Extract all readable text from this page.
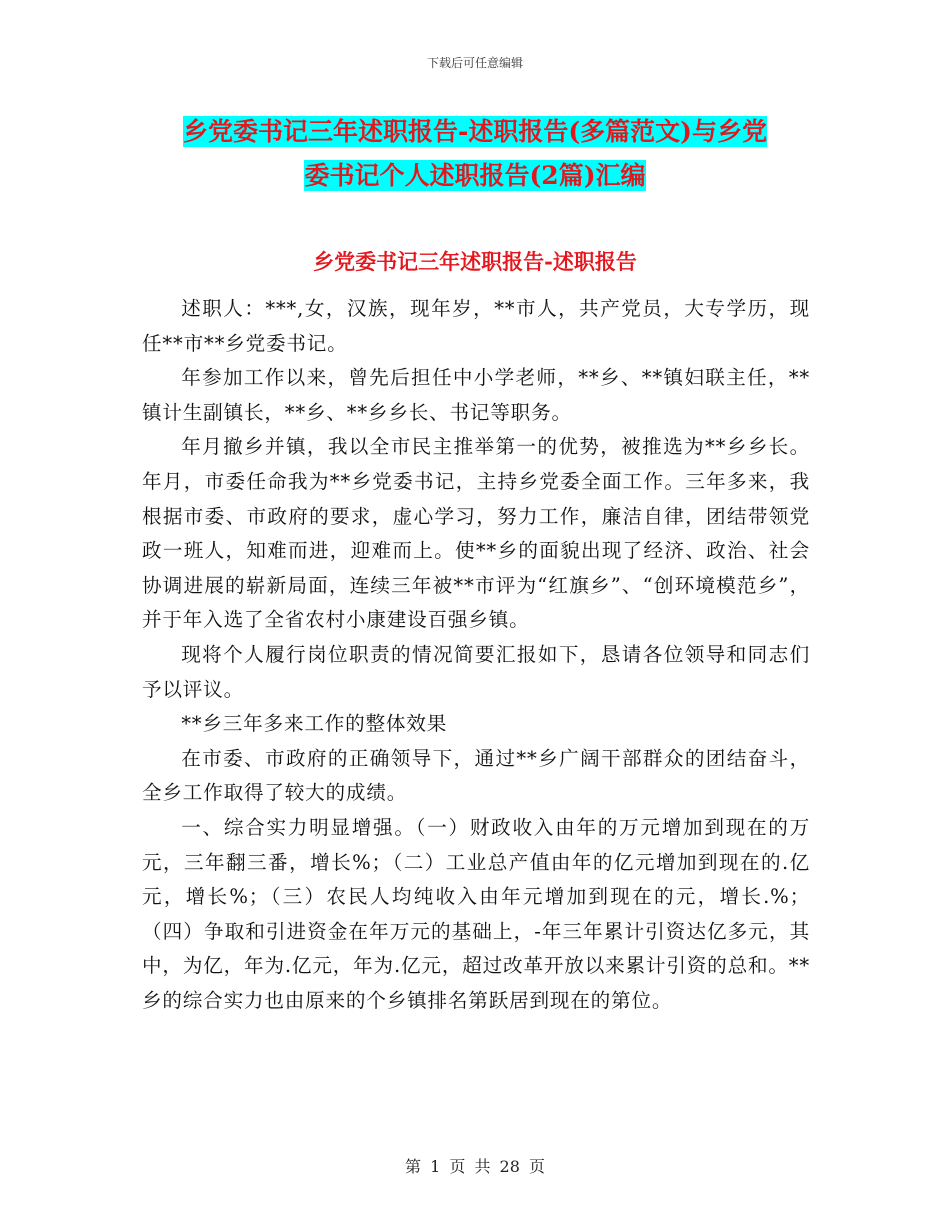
下载后可任意编辑
乡党委书记三年述职报告-述职报告(多篇范文)与乡党
委书记个人述职报告(2篇)汇编
乡党委书记三年述职报告-述职报告

述职人：***,女，汉族，现年岁，**市人，共产党员，大专学历，现任**市**乡党委书记。

年参加工作以来，曾先后担任中小学老师，**乡、**镇妇联主任，**镇计生副镇长，**乡、**乡乡长、书记等职务。

年月撤乡并镇，我以全市民主推举第一的优势，被推选为**乡乡长。年月，市委任命我为**乡党委书记，主持乡党委全面工作。三年多来，我根据市委、市政府的要求，虚心学习，努力工作，廉洁自律，团结带领党政一班人，知难而进，迎难而上。使**乡的面貌出现了经济、政治、社会协调进展的崭新局面，连续三年被**市评为“红旗乡”、“创环境模范乡”，并于年入选了全省农村小康建设百强乡镇。

现将个人履行岗位职责的情况简要汇报如下，恳请各位领导和同志们予以评议。

**乡三年多来工作的整体效果

在市委、市政府的正确领导下，通过**乡广阔干部群众的团结奋斗，全乡工作取得了较大的成绩。

一、综合实力明显增强。（一）财政收入由年的万元增加到现在的万元，三年翻三番，增长%；（二）工业总产值由年的亿元增加到现在的.亿元，增长%；（三）农民人均纯收入由年元增加到现在的元，增长.%；（四）争取和引进资金在年万元的基础上，-年三年累计引资达亿多元，其中，为亿，年为.亿元，年为.亿元，超过改革开放以来累计引资的总和。**乡的综合实力也由原来的个乡镇排名第跃居到现在的第位。

第 1 页 共 28 页
